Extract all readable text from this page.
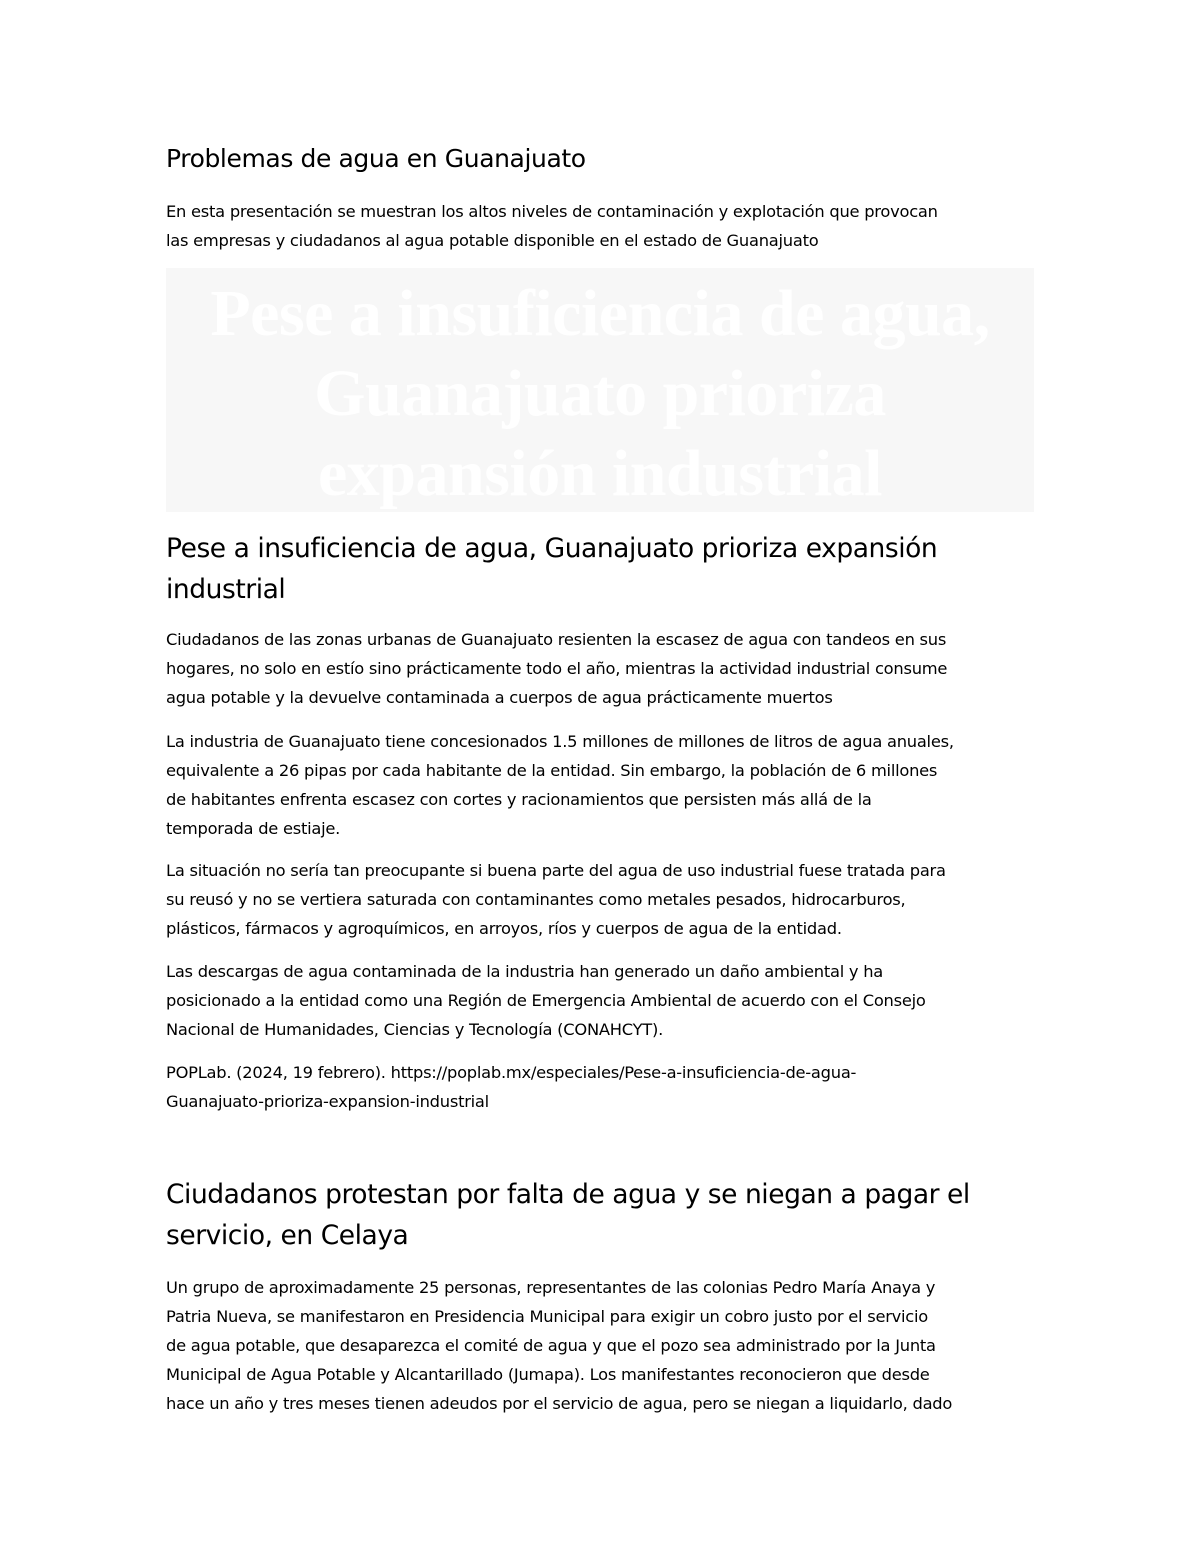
Problemas de agua en Guanajuato

En esta presentación se muestran los altos niveles de contaminación y explotación que provocan
las empresas y ciudadanos al agua potable disponible en el estado de Guanajuato

Pese a insuficiencia de agua,
Guanajuato prioriza
expansión industrial
Pese a insuficiencia de agua, Guanajuato prioriza expansión
industrial

Ciudadanos de las zonas urbanas de Guanajuato resienten la escasez de agua con tandeos en sus
hogares, no solo en estío sino prácticamente todo el año, mientras la actividad industrial consume
agua potable y la devuelve contaminada a cuerpos de agua prácticamente muertos

La industria de Guanajuato tiene concesionados 1.5 millones de millones de litros de agua anuales,
equivalente a 26 pipas por cada habitante de la entidad. Sin embargo, la población de 6 millones
de habitantes enfrenta escasez con cortes y racionamientos que persisten más allá de la
temporada de estiaje.

La situación no sería tan preocupante si buena parte del agua de uso industrial fuese tratada para
su reusó y no se vertiera saturada con contaminantes como metales pesados, hidrocarburos,
plásticos, fármacos y agroquímicos, en arroyos, ríos y cuerpos de agua de la entidad.

Las descargas de agua contaminada de la industria han generado un daño ambiental y ha
posicionado a la entidad como una Región de Emergencia Ambiental de acuerdo con el Consejo
Nacional de Humanidades, Ciencias y Tecnología (CONAHCYT).

POPLab. (2024, 19 febrero). https://poplab.mx/especiales/Pese-a-insuficiencia-de-agua-
Guanajuato-prioriza-expansion-industrial

Ciudadanos protestan por falta de agua y se niegan a pagar el
servicio, en Celaya

Un grupo de aproximadamente 25 personas, representantes de las colonias Pedro María Anaya y
Patria Nueva, se manifestaron en Presidencia Municipal para exigir un cobro justo por el servicio
de agua potable, que desaparezca el comité de agua y que el pozo sea administrado por la Junta
Municipal de Agua Potable y Alcantarillado (Jumapa). Los manifestantes reconocieron que desde
hace un año y tres meses tienen adeudos por el servicio de agua, pero se niegan a liquidarlo, dado
